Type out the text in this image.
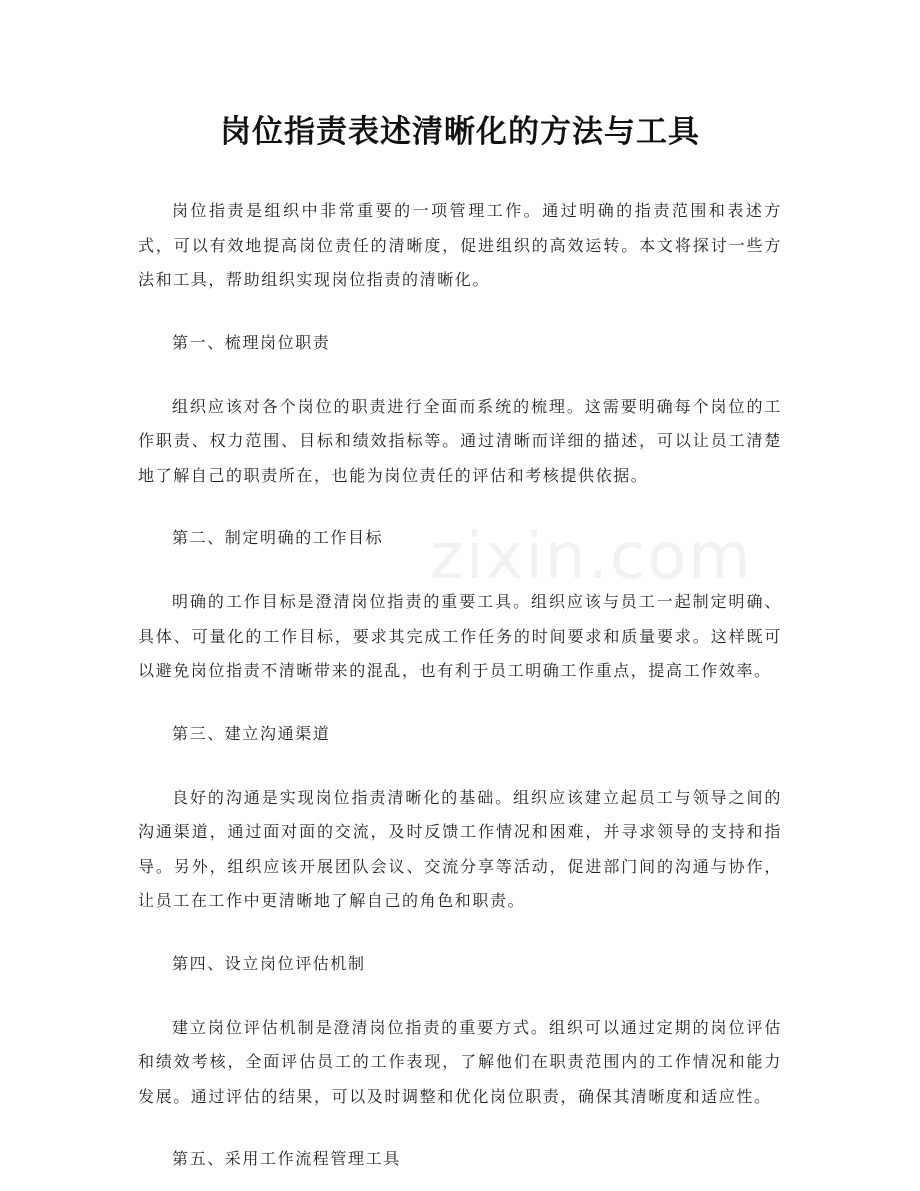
岗位指责表述清晰化的方法与工具

岗位指责是组织中非常重要的一项管理工作。通过明确的指责范围和表述方式，可以有效地提高岗位责任的清晰度，促进组织的高效运转。本文将探讨一些方法和工具，帮助组织实现岗位指责的清晰化。

第一、梳理岗位职责

组织应该对各个岗位的职责进行全面而系统的梳理。这需要明确每个岗位的工作职责、权力范围、目标和绩效指标等。通过清晰而详细的描述，可以让员工清楚地了解自己的职责所在，也能为岗位责任的评估和考核提供依据。

第二、制定明确的工作目标

明确的工作目标是澄清岗位指责的重要工具。组织应该与员工一起制定明确、具体、可量化的工作目标，要求其完成工作任务的时间要求和质量要求。这样既可以避免岗位指责不清晰带来的混乱，也有利于员工明确工作重点，提高工作效率。

第三、建立沟通渠道

良好的沟通是实现岗位指责清晰化的基础。组织应该建立起员工与领导之间的沟通渠道，通过面对面的交流，及时反馈工作情况和困难，并寻求领导的支持和指导。另外，组织应该开展团队会议、交流分享等活动，促进部门间的沟通与协作，让员工在工作中更清晰地了解自己的角色和职责。

第四、设立岗位评估机制

建立岗位评估机制是澄清岗位指责的重要方式。组织可以通过定期的岗位评估和绩效考核，全面评估员工的工作表现，了解他们在职责范围内的工作情况和能力发展。通过评估的结果，可以及时调整和优化岗位职责，确保其清晰度和适应性。

第五、采用工作流程管理工具

zixin.com
